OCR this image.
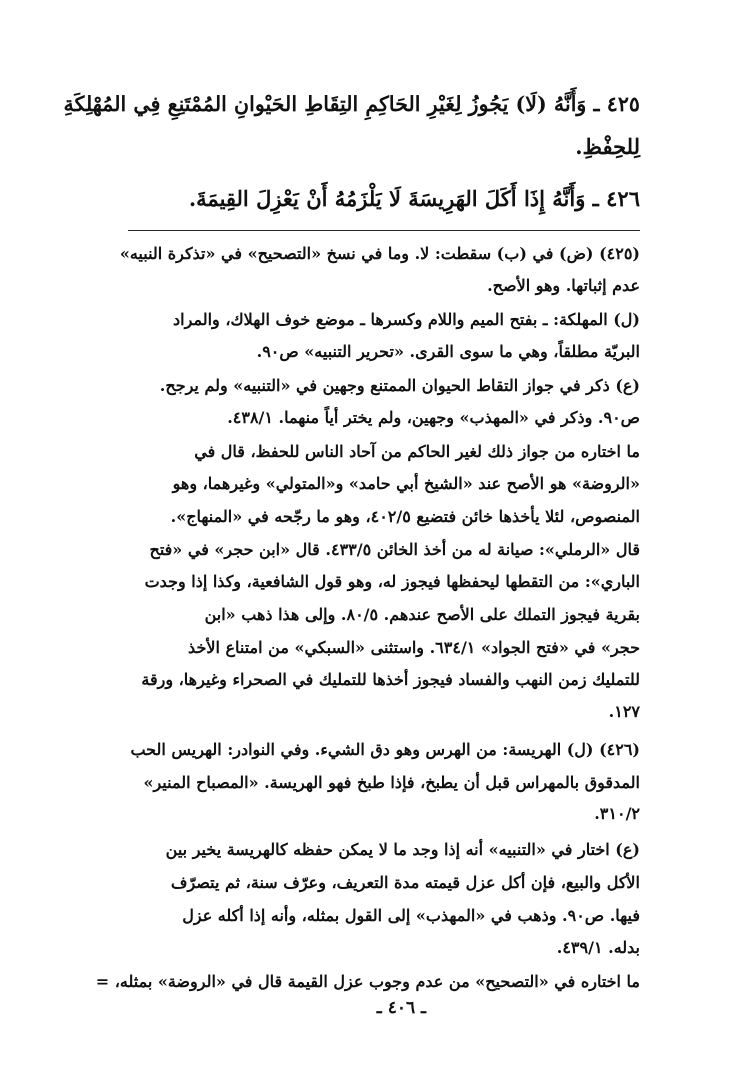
٤٢٥ ـ وَأَنَّهُ (لَا) يَجُوزُ لِغَيْرِ الحَاكِمِ التِقَاطِ الحَيْوانِ المُمْتَنِعِ فِي المُهْلِكَةِ
لِلحِفْظِ.
٤٢٦ ـ وَأَنَّهُ إِذَا أَكَلَ الهَرِيسَةَ لَا يَلْزَمُهُ أَنْ يَعْزِلَ القِيمَةَ.
(٤٢٥) (ض) في (ب) سقطت: لا. وما في نسخ «التصحيح» في «تذكرة النبيه»
عدم إثباتها. وهو الأصح.
(ل) المهلكة: ـ بفتح الميم واللام وكسرها ـ موضع خوف الهلاك، والمراد
البريّة مطلقاً، وهي ما سوى القرى. «تحرير التنبيه» ص٩٠.
(ع) ذكر في جواز التقاط الحيوان الممتنع وجهين في «التنبيه» ولم يرجح.
ص٩٠. وذكر في «المهذب» وجهين، ولم يختر أياً منهما. ٤٣٨/١.
ما اختاره من جواز ذلك لغير الحاكم من آحاد الناس للحفظ، قال في
«الروضة» هو الأصح عند «الشيخ أبي حامد» و«المتولي» وغيرهما، وهو
المنصوص، لئلا يأخذها خائن فتضيع ٤٠٢/٥، وهو ما رجّحه في «المنهاج».
قال «الرملي»: صيانة له من أخذ الخائن ٤٣٣/٥. قال «ابن حجر» في «فتح
الباري»: من التقطها ليحفظها فيجوز له، وهو قول الشافعية، وكذا إذا وجدت
بقرية فيجوز التملك على الأصح عندهم. ٨٠/٥. وإلى هذا ذهب «ابن
حجر» في «فتح الجواد» ٦٣٤/١. واستثنى «السبكي» من امتناع الأخذ
للتمليك زمن النهب والفساد فيجوز أخذها للتمليك في الصحراء وغيرها، ورقة
١٢٧.
(٤٢٦) (ل) الهريسة: من الهرس وهو دق الشيء. وفي النوادر: الهريس الحب
المدقوق بالمهراس قبل أن يطبخ، فإذا طبخ فهو الهريسة. «المصباح المنير»
٣١٠/٢.
(ع) اختار في «التنبيه» أنه إذا وجد ما لا يمكن حفظه كالهريسة يخير بين
الأكل والبيع، فإن أكل عزل قيمته مدة التعريف، وعرّف سنة، ثم يتصرّف
فيها. ص٩٠. وذهب في «المهذب» إلى القول بمثله، وأنه إذا أكله عزل
بدله. ٤٣٩/١.
ما اختاره في «التصحيح» من عدم وجوب عزل القيمة قال في «الروضة» بمثله، =
ـ ٤٠٦ ـ
